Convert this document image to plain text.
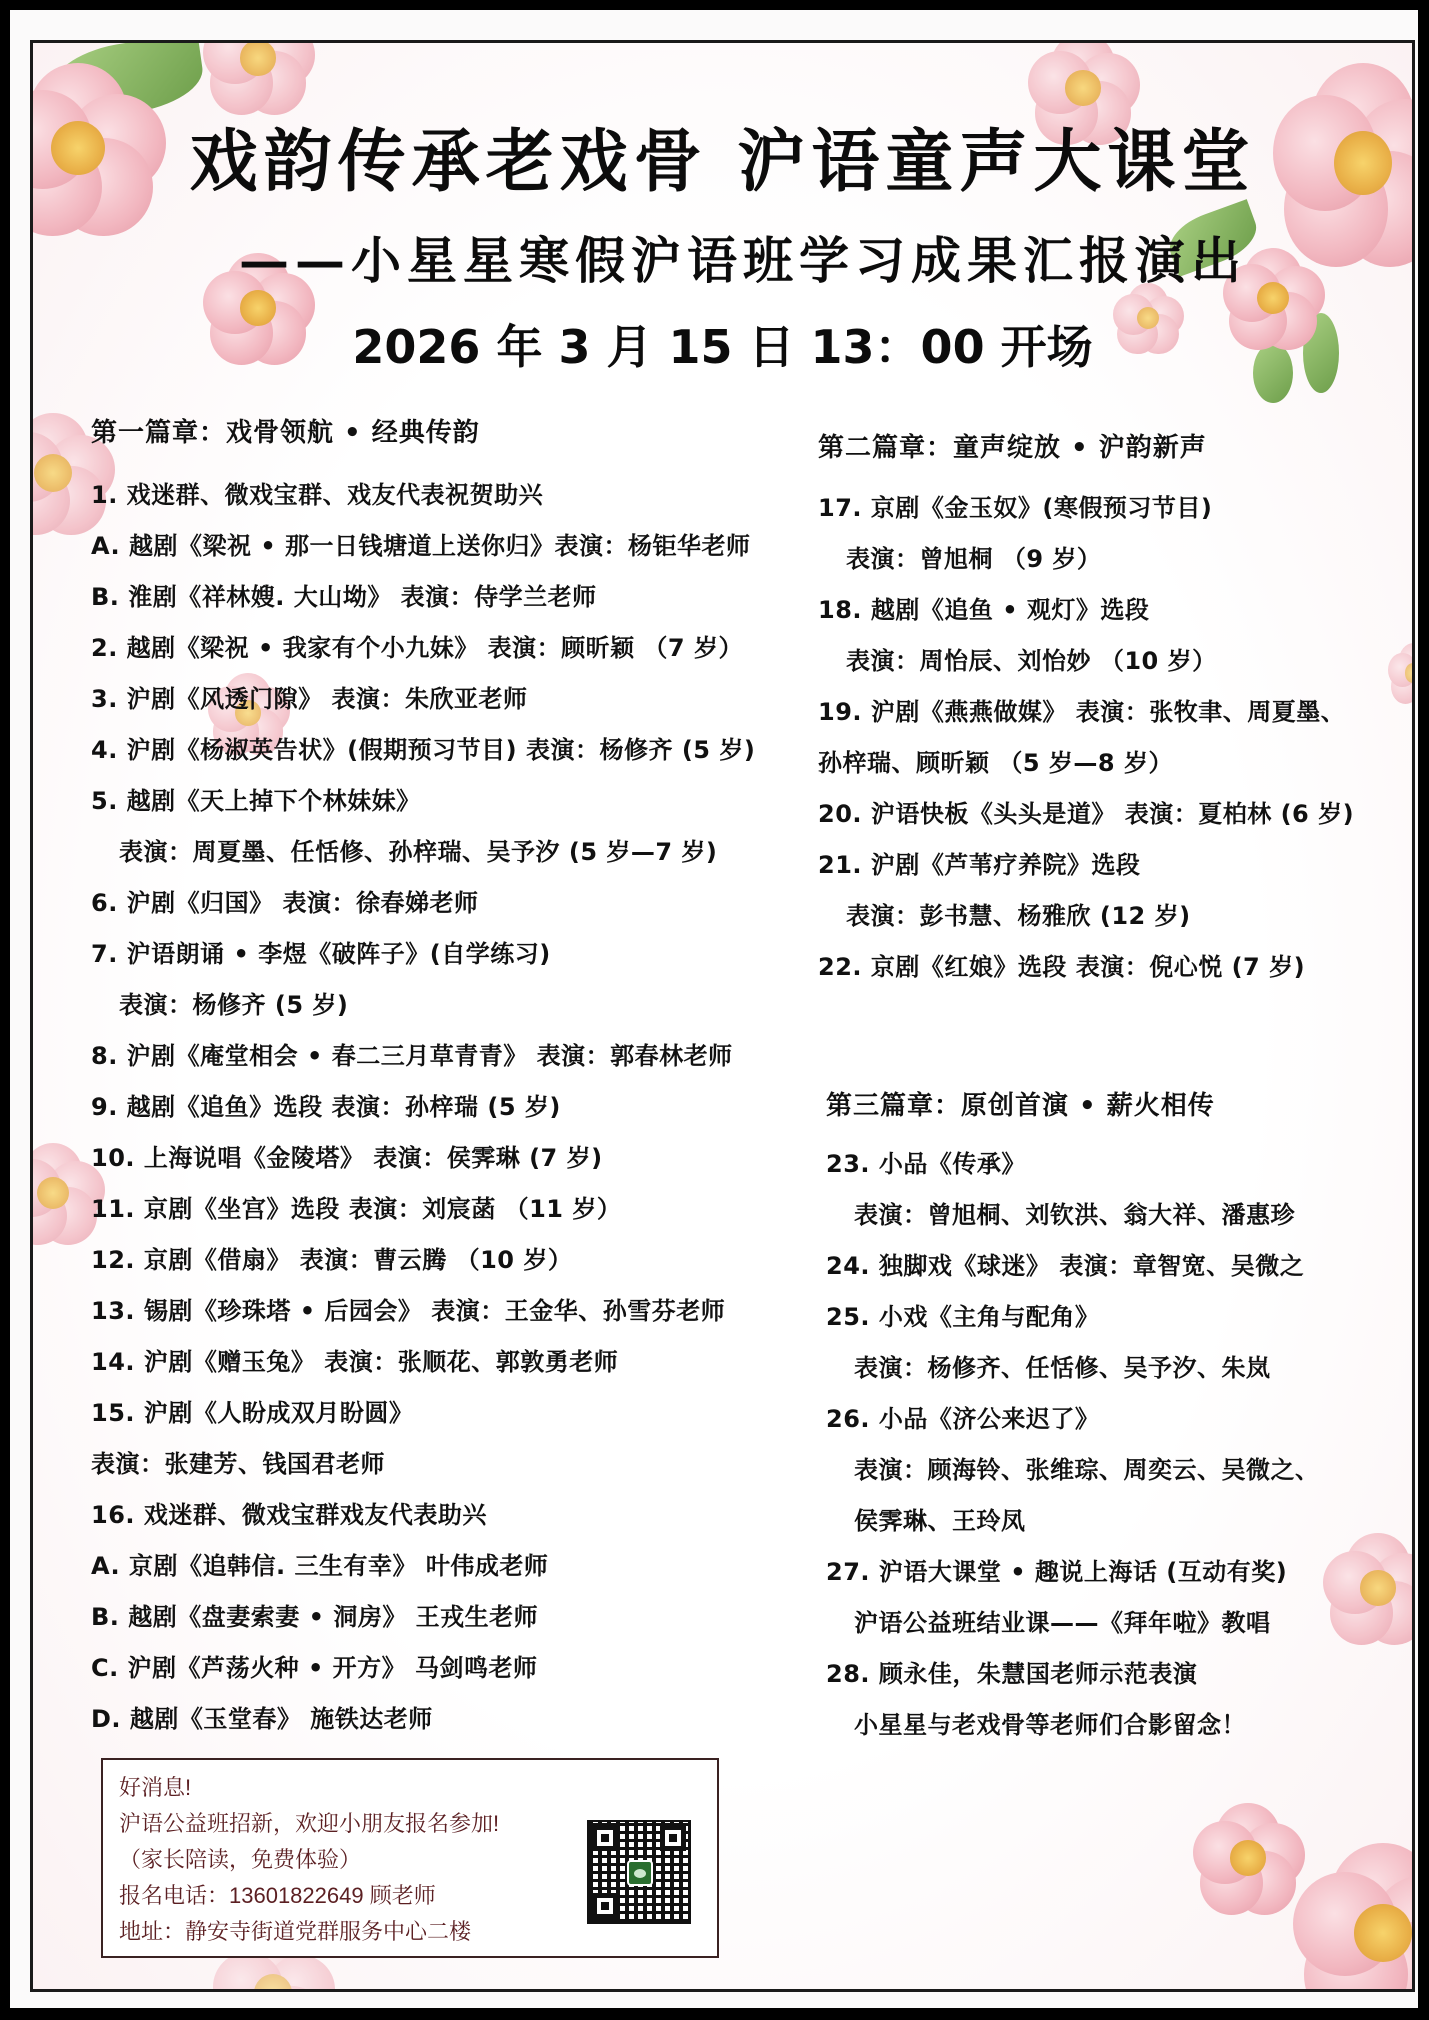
戏韵传承老戏骨 沪语童声大课堂
——小星星寒假沪语班学习成果汇报演出
2026 年 3 月 15 日 13：00 开场
第一篇章：戏骨领航 • 经典传韵
1. 戏迷群、微戏宝群、戏友代表祝贺助兴
A. 越剧《梁祝 • 那一日钱塘道上送你归》表演：杨钜华老师
B. 淮剧《祥林嫂. 大山坳》 表演：侍学兰老师
2. 越剧《梁祝 • 我家有个小九妹》 表演：顾昕颖 （7 岁）
3. 沪剧《风透门隙》 表演：朱欣亚老师
4. 沪剧《杨淑英告状》(假期预习节目) 表演：杨修齐 (5 岁)
5. 越剧《天上掉下个林妹妹》
表演：周夏墨、任恬修、孙梓瑞、吴予汐 (5 岁—7 岁)
6. 沪剧《归国》 表演：徐春娣老师
7. 沪语朗诵 • 李煜《破阵子》(自学练习)
表演：杨修齐 (5 岁)
8. 沪剧《庵堂相会 • 春二三月草青青》 表演：郭春林老师
9. 越剧《追鱼》选段 表演：孙梓瑞 (5 岁)
10. 上海说唱《金陵塔》 表演：侯霁琳 (7 岁)
11. 京剧《坐宫》选段 表演：刘宸菡 （11 岁）
12. 京剧《借扇》 表演：曹云腾 （10 岁）
13. 锡剧《珍珠塔 • 后园会》 表演：王金华、孙雪芬老师
14. 沪剧《赠玉兔》 表演：张顺花、郭敦勇老师
15. 沪剧《人盼成双月盼圆》
表演：张建芳、钱国君老师
16. 戏迷群、微戏宝群戏友代表助兴
A. 京剧《追韩信. 三生有幸》 叶伟成老师
B. 越剧《盘妻索妻 • 洞房》 王戎生老师
C. 沪剧《芦荡火种 • 开方》 马剑鸣老师
D. 越剧《玉堂春》 施铁达老师
第二篇章：童声绽放 • 沪韵新声
17. 京剧《金玉奴》(寒假预习节目)
表演：曾旭桐 （9 岁）
18. 越剧《追鱼 • 观灯》选段
表演：周怡辰、刘怡妙 （10 岁）
19. 沪剧《燕燕做媒》 表演：张牧聿、周夏墨、
孙梓瑞、顾昕颖 （5 岁—8 岁）
20. 沪语快板《头头是道》 表演：夏柏林 (6 岁)
21. 沪剧《芦苇疗养院》选段
表演：彭书慧、杨雅欣 (12 岁)
22. 京剧《红娘》选段 表演：倪心悦 (7 岁)
第三篇章：原创首演 • 薪火相传
23. 小品《传承》
表演：曾旭桐、刘钦洪、翁大祥、潘惠珍
24. 独脚戏《球迷》 表演：章智宽、吴微之
25. 小戏《主角与配角》
表演：杨修齐、任恬修、吴予汐、朱岚
26. 小品《济公来迟了》
表演：顾海铃、张维琮、周奕云、吴微之、
侯霁琳、王玲凤
27. 沪语大课堂 • 趣说上海话 (互动有奖)
沪语公益班结业课——《拜年啦》教唱
28. 顾永佳，朱慧国老师示范表演
小星星与老戏骨等老师们合影留念！
好消息!
沪语公益班招新，欢迎小朋友报名参加!
（家长陪读，免费体验）
报名电话：13601822649 顾老师
地址：静安寺街道党群服务中心二楼
